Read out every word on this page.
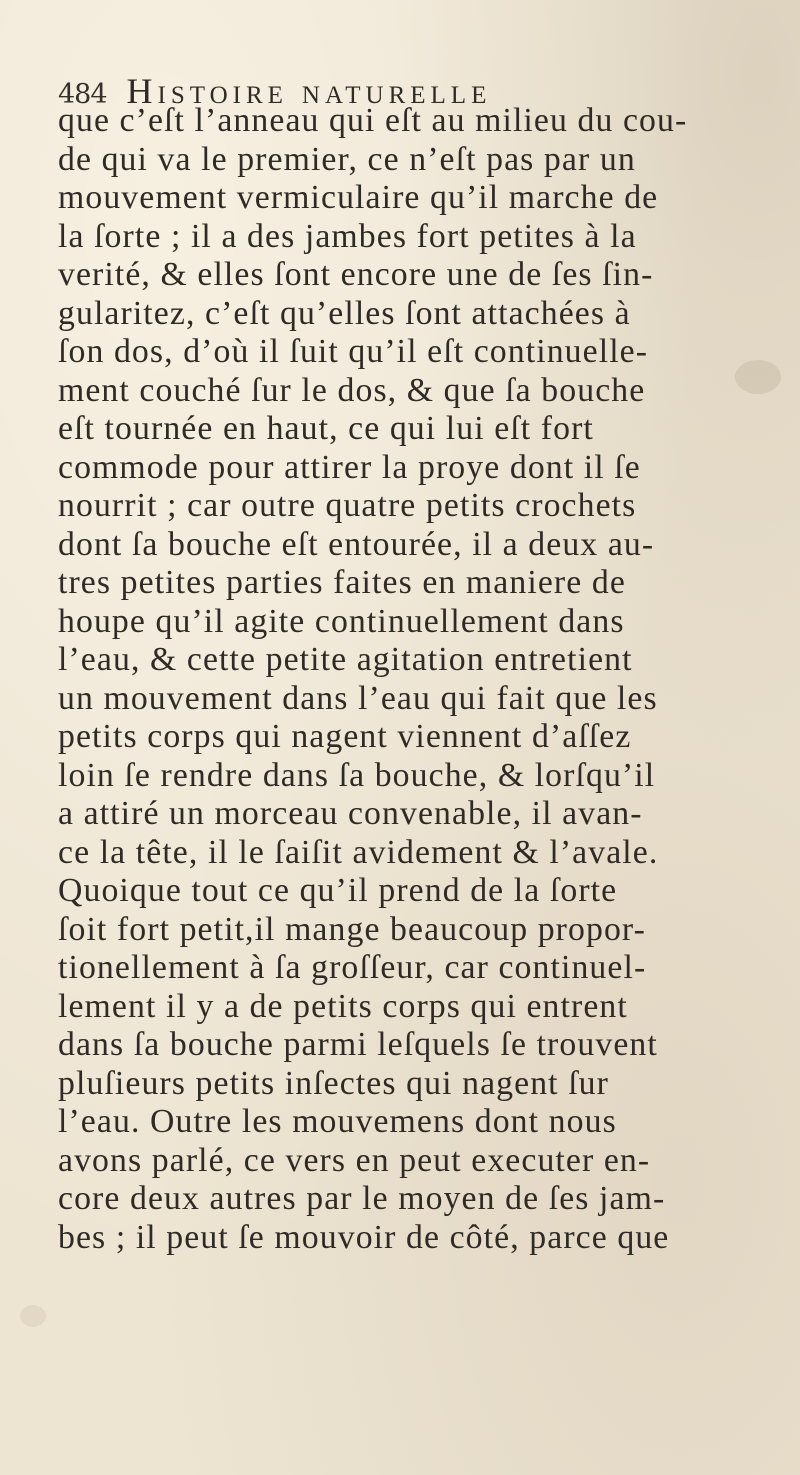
484 Histoire naturelle
que c’eſt l’anneau qui eſt au milieu du cou-
de qui va le premier, ce n’eſt pas par un
mouvement vermiculaire qu’il marche de
la ſorte ; il a des jambes fort petites à la
verité, & elles ſont encore une de ſes ſin-
gularitez, c’eſt qu’elles ſont attachées à
ſon dos, d’où il ſuit qu’il eſt continuelle-
ment couché ſur le dos, & que ſa bouche
eſt tournée en haut, ce qui lui eſt fort
commode pour attirer la proye dont il ſe
nourrit ; car outre quatre petits crochets
dont ſa bouche eſt entourée, il a deux au-
tres petites parties faites en maniere de
houpe qu’il agite continuellement dans
l’eau, & cette petite agitation entretient
un mouvement dans l’eau qui fait que les
petits corps qui nagent viennent d’aſſez
loin ſe rendre dans ſa bouche, & lorſqu’il
a attiré un morceau convenable, il avan-
ce la tête, il le ſaiſit avidement & l’avale.
Quoique tout ce qu’il prend de la ſorte
ſoit fort petit,il mange beaucoup propor-
tionellement à ſa groſſeur, car continuel-
lement il y a de petits corps qui entrent
dans ſa bouche parmi leſquels ſe trouvent
pluſieurs petits inſectes qui nagent ſur
l’eau. Outre les mouvemens dont nous
avons parlé, ce vers en peut executer en-
core deux autres par le moyen de ſes jam-
bes ; il peut ſe mouvoir de côté, parce que
